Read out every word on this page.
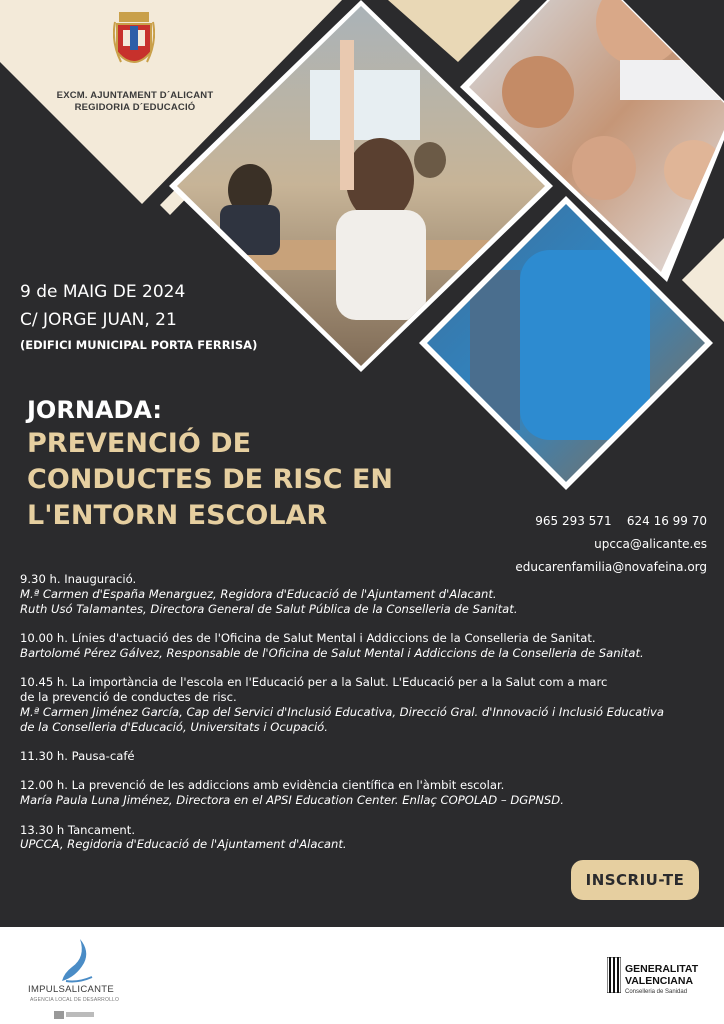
EXCM. AJUNTAMENT D´ALICANT
REGIDORIA D´EDUCACIÓ
9 de MAIG DE 2024
C/ JORGE JUAN, 21
(EDIFICI MUNICIPAL PORTA FERRISA)
JORNADA:
PREVENCIÓ DE
CONDUCTES DE RISC EN
L'ENTORN ESCOLAR	965 293 571 624 16 99 70
upcca@alicante.es
educarenfamilia@novafeina.org
9.30 h. Inauguració.
M.ª Carmen d'España Menarguez, Regidora d'Educació de l'Ajuntament d'Alacant.
Ruth Usó Talamantes, Directora General de Salut Pública de la Conselleria de Sanitat.
10.00 h. Línies d'actuació des de l'Oficina de Salut Mental i Addiccions de la Conselleria de Sanitat.
Bartolomé Pérez Gálvez, Responsable de l'Oficina de Salut Mental i Addiccions de la Conselleria de Sanitat.
10.45 h. La importància de l'escola en l'Educació per a la Salut. L'Educació per a la Salut com a marc
de la prevenció de conductes de risc.
M.ª Carmen Jiménez García, Cap del Servici d'Inclusió Educativa, Direcció Gral. d'Innovació i Inclusió Educativa
de la Conselleria d'Educació, Universitats i Ocupació.
11.30 h. Pausa-café
12.00 h. La prevenció de les addiccions amb evidència científica en l'àmbit escolar.
María Paula Luna Jiménez, Directora en el APSI Education Center. Enllaç COPOLAD – DGPNSD.
13.30 h Tancament.
UPCCA, Regidoria d'Educació de l'Ajuntament d'Alacant.
INSCRIU-TE
IMPULSALICANTE
AGENCIA LOCAL DE DESARROLLO
GENERALITAT
VALENCIANA
Conselleria de Sanidad
